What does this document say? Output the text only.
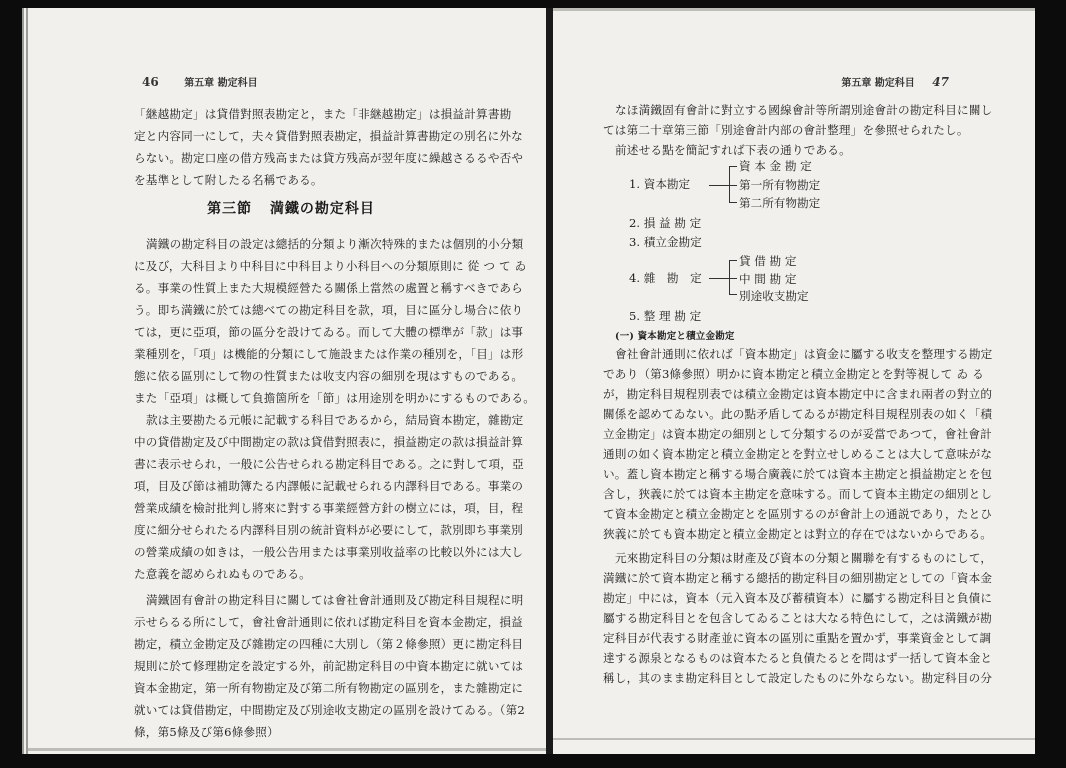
46	第五章 勘定科目
「継越勘定」は貸借對照表勘定と，また「非継越勘定」は損益計算書勘
定と内容同一にして，夫々貸借對照表勘定，損益計算書勘定の別名に外な
らない。勘定口座の借方残高または貸方残高が翌年度に繰越さるるや否や
を基準として附したる名稱である。
第三節 満鐵の勘定科目
満鐵の勘定科目の設定は總括的分類より漸次特殊的または個別的小分類
に及び，大科目より中科目に中科目より小科目への分類原則に 從 つ て ゐ
る。事業の性質上また大規模經營たる關係上當然の處置と稱すべきであら
う。即ち満鐵に於ては總べての勘定科目を款，項，目に區分し場合に依り
ては，更に亞項，節の區分を設けてゐる。而して大體の標準が「款」は事
業種別を，「項」は機能的分類にして施設または作業の種別を，「目」は形
態に依る區別にして物の性質または收支内容の細別を現はすものである。
また「亞項」は概して負擔箇所を「節」は用途別を明かにするものである。
款は主要勘たる元帳に記載する科目であるから，結局資本勘定，雜勘定
中の貸借勘定及び中間勘定の款は貸借對照表に，損益勘定の款は損益計算
書に表示せられ，一般に公告せられる勘定科目である。之に對して項，亞
項，目及び節は補助簿たる内譯帳に記載せられる内譯科目である。事業の
營業成績を檢討批判し將來に對する事業經營方針の樹立には，項，目，程
度に細分せられたる内譯科目別の統計資料が必要にして，款別即ち事業別
の營業成績の如きは，一般公告用または事業別收益率の比較以外には大し
た意義を認められぬものである。
満鐵固有會計の勘定科目に關しては會社會計通則及び勘定科目規程に明
示せらるる所にして，會社會計通則に依れば勘定科目を資本金勘定，損益
勘定，積立金勘定及び雜勘定の四種に大別し（第２條參照）更に勘定科目
規則に於て修理勘定を設定する外，前記勘定科目の中資本勘定に就いては
資本金勘定，第一所有物勘定及び第二所有物勘定の區別を，また雜勘定に
就いては貸借勘定，中間勘定及び別途收支勘定の區別を設けてゐる。（第2
條，第5條及び第6條參照）
第五章 勘定科目 47
なほ満鐵固有會計に對立する國線會計等所謂別途會計の勘定科目に關し
ては第二十章第三節「別途會計内部の會計整理」を參照せられたし。
前述せる點を簡記すれば下表の通りである。
1. 資本勘定
資 本 金 勘 定
第一所有物勘定
第二所有物勘定
2. 損 益 勘 定
3. 積立金勘定
4. 雜　勘　定
貸 借 勘 定
中 間 勘 定
別途收支勘定
5. 整 理 勘 定
(一) 資本勘定と積立金勘定
會社會計通則に依れば「資本勘定」は資金に屬する收支を整理する勘定
であり（第3條參照）明かに資本勘定と積立金勘定とを對等視して ゐ る
が，勘定科目規程別表では積立金勘定は資本勘定中に含まれ兩者の對立的
關係を認めてゐない。此の點矛盾してゐるが勘定科目規程別表の如く「積
立金勘定」は資本勘定の細別として分類するのが妥當であつて，會社會計
通則の如く資本勘定と積立金勘定とを對立せしめることは大して意味がな
い。蓋し資本勘定と稱する場合廣義に於ては資本主勘定と損益勘定とを包
含し，狹義に於ては資本主勘定を意味する。而して資本主勘定の細別とし
て資本金勘定と積立金勘定とを區別するのが會計上の通説であり，たとひ
狹義に於ても資本勘定と積立金勘定とは對立的存在ではないからである。
元來勘定科目の分類は財產及び資本の分類と關聯を有するものにして，
満鐵に於て資本勘定と稱する總括的勘定科目の細別勘定としての「資本金
勘定」中には，資本（元入資本及び蓄積資本）に屬する勘定科目と負債に
屬する勘定科目とを包含してゐることは大なる特色にして，之は満鐵が勘
定科目が代表する財產並に資本の區別に重點を置かず，事業資金として調
達する源泉となるものは資本たると負債たるとを問はず一括して資本金と
稱し，其のまま勘定科目として設定したものに外ならない。勘定科目の分
